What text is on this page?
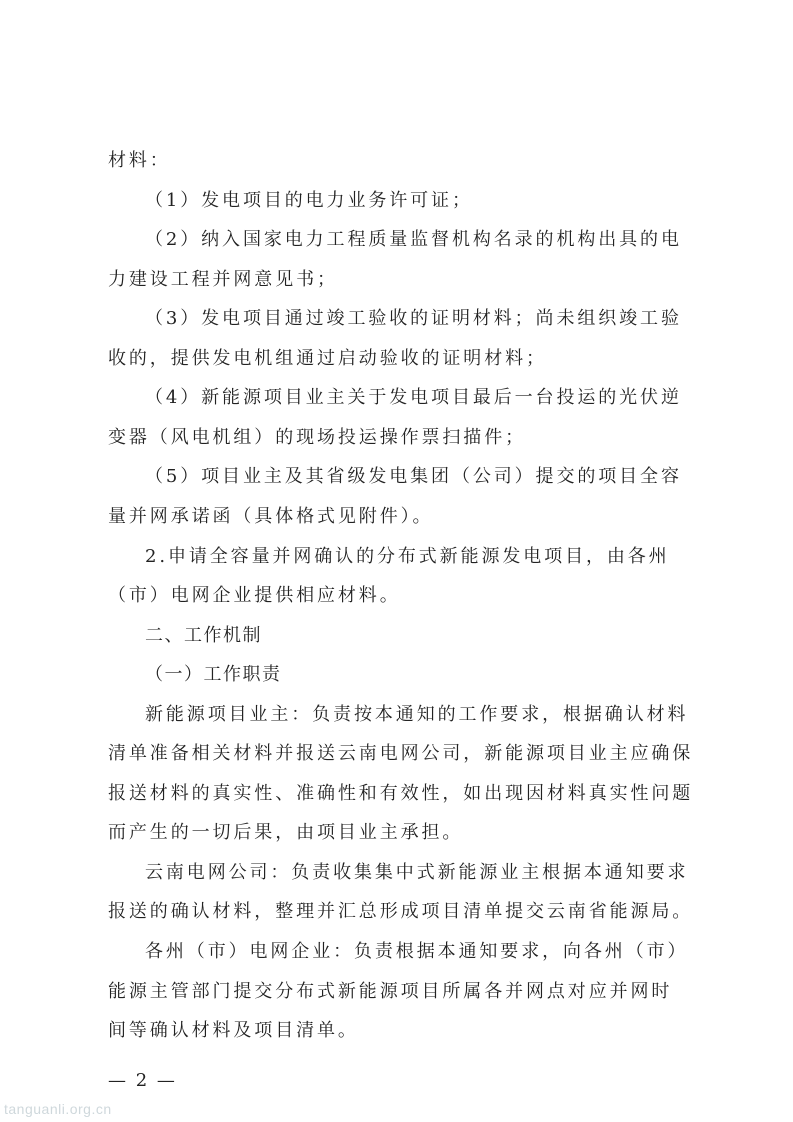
材料：
（1）发电项目的电力业务许可证；
（2）纳入国家电力工程质量监督机构名录的机构出具的电
力建设工程并网意见书；
（3）发电项目通过竣工验收的证明材料；尚未组织竣工验
收的，提供发电机组通过启动验收的证明材料；
（4）新能源项目业主关于发电项目最后一台投运的光伏逆
变器（风电机组）的现场投运操作票扫描件；
（5）项目业主及其省级发电集团（公司）提交的项目全容
量并网承诺函（具体格式见附件）。
2.申请全容量并网确认的分布式新能源发电项目，由各州
（市）电网企业提供相应材料。
二、工作机制
（一）工作职责
新能源项目业主：负责按本通知的工作要求，根据确认材料
清单准备相关材料并报送云南电网公司，新能源项目业主应确保
报送材料的真实性、准确性和有效性，如出现因材料真实性问题
而产生的一切后果，由项目业主承担。
云南电网公司：负责收集集中式新能源业主根据本通知要求
报送的确认材料，整理并汇总形成项目清单提交云南省能源局。
各州（市）电网企业：负责根据本通知要求，向各州（市）
能源主管部门提交分布式新能源项目所属各并网点对应并网时
间等确认材料及项目清单。
— 2 —
tanguanli.org.cn
